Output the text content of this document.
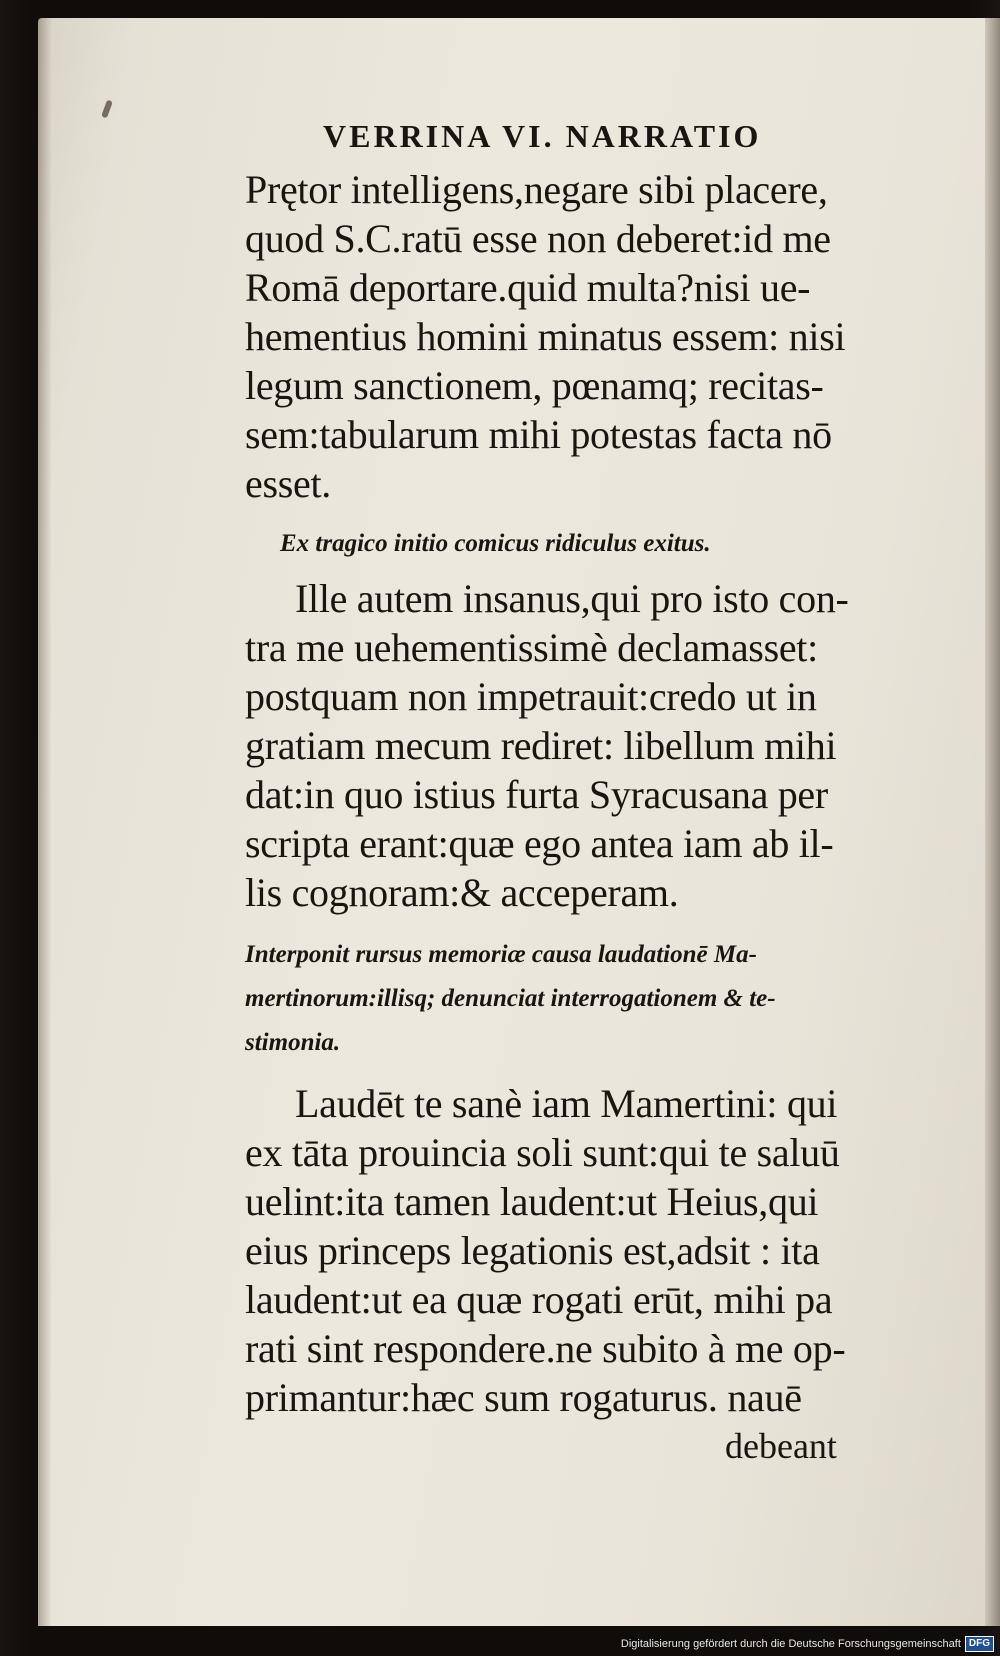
VERRINA VI. NARRATIO
Prętor intelligens,negare sibi placere,
quod S.C.ratū esse non deberet:id me
Romā deportare.quid multa?nisi ue-
hementius homini minatus essem: nisi
legum sanctionem, pœnamq; recitas-
sem:tabularum mihi potestas facta nō
esset.
Ex tragico initio comicus ridiculus exitus.
Ille autem insanus,qui pro isto con-
tra me uehementissimè declamasset:
postquam non impetrauit:credo ut in
gratiam mecum rediret: libellum mihi
dat:in quo istius furta Syracusana per
scripta erant:quæ ego antea iam ab il-
lis cognoram:& acceperam.
Interponit rursus memoriæ causa laudationē Ma-
mertinorum:illisq; denunciat interrogationem & te-
stimonia.
Laudēt te sanè iam Mamertini: qui
ex tāta prouincia soli sunt:qui te saluū
uelint:ita tamen laudent:ut Heius,qui
eius princeps legationis est,adsit : ita
laudent:ut ea quæ rogati erūt, mihi pa
rati sint respondere.ne subito à me op-
primantur:hæc sum rogaturus. nauē
debeant
Digitalisierung gefördert durch die Deutsche Forschungsgemeinschaft DFG
